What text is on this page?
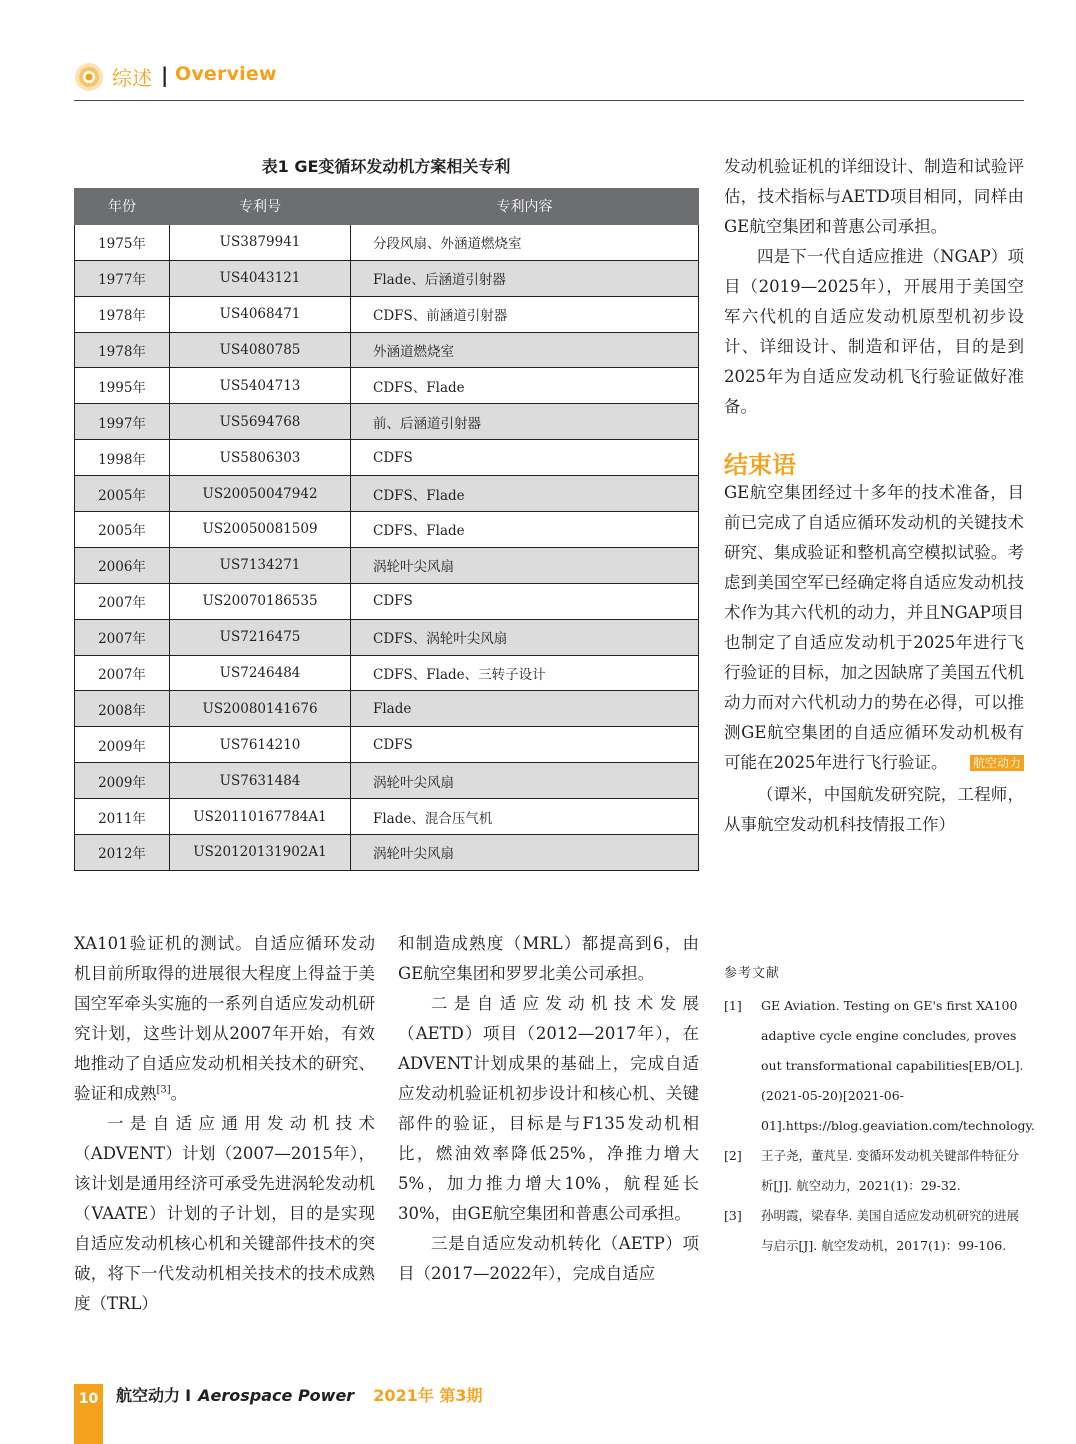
综述 | Overview
表1 GE变循环发动机方案相关专利
年份	专利号	专利内容
1975年	US3879941	分段风扇、外涵道燃烧室
1977年	US4043121	Flade、后涵道引射器
1978年	US4068471	CDFS、前涵道引射器
1978年	US4080785	外涵道燃烧室
1995年	US5404713	CDFS、Flade
1997年	US5694768	前、后涵道引射器
1998年	US5806303	CDFS
2005年	US20050047942	CDFS、Flade
2005年	US20050081509	CDFS、Flade
2006年	US7134271	涡轮叶尖风扇
2007年	US20070186535	CDFS
2007年	US7216475	CDFS、涡轮叶尖风扇
2007年	US7246484	CDFS、Flade、三转子设计
2008年	US20080141676	Flade
2009年	US7614210	CDFS
2009年	US7631484	涡轮叶尖风扇
2011年	US20110167784A1	Flade、混合压气机
2012年	US20120131902A1	涡轮叶尖风扇

XA101验证机的测试。自适应循环发动机目前所取得的进展很大程度上得益于美国空军牵头实施的一系列自适应发动机研究计划，这些计划从2007年开始，有效地推动了自适应发动机相关技术的研究、验证和成熟[3]。

一是自适应通用发动机技术（ADVENT）计划（2007—2015年），该计划是通用经济可承受先进涡轮发动机（VAATE）计划的子计划，目的是实现自适应发动机核心机和关键部件技术的突破，将下一代发动机相关技术的技术成熟度（TRL）

和制造成熟度（MRL）都提高到6，由GE航空集团和罗罗北美公司承担。

二是自适应发动机技术发展（AETD）项目（2012—2017年），在ADVENT计划成果的基础上，完成自适应发动机验证机初步设计和核心机、关键部件的验证，目标是与F135发动机相比，燃油效率降低25%，净推力增大5%，加力推力增大10%，航程延长30%，由GE航空集团和普惠公司承担。

三是自适应发动机转化（AETP）项目（2017—2022年），完成自适应

发动机验证机的详细设计、制造和试验评估，技术指标与AETD项目相同，同样由GE航空集团和普惠公司承担。

四是下一代自适应推进（NGAP）项目（2019—2025年），开展用于美国空军六代机的自适应发动机原型机初步设计、详细设计、制造和评估，目的是到2025年为自适应发动机飞行验证做好准备。

结束语

GE航空集团经过十多年的技术准备，目前已完成了自适应循环发动机的关键技术研究、集成验证和整机高空模拟试验。考虑到美国空军已经确定将自适应发动机技术作为其六代机的动力，并且NGAP项目也制定了自适应发动机于2025年进行飞行验证的目标，加之因缺席了美国五代机动力而对六代机动力的势在必得，可以推测GE航空集团的自适应循环发动机极有可能在2025年进行飞行验证。 航空动力

（谭米，中国航发研究院，工程师，从事航空发动机科技情报工作）

参考文献
[1] GE Aviation. Testing on GE's first XA100 adaptive cycle engine concludes, proves out transformational capabilities[EB/OL]. (2021-05-20)[2021-06-01].https://blog.geaviation.com/technology.
[2] 王子尧，董芃呈. 变循环发动机关键部件特征分析[J]. 航空动力，2021(1)：29-32.
[3] 孙明霞，梁春华. 美国自适应发动机研究的进展与启示[J]. 航空发动机，2017(1)：99-106.
10 航空动力 I Aerospace Power 2021年 第3期
